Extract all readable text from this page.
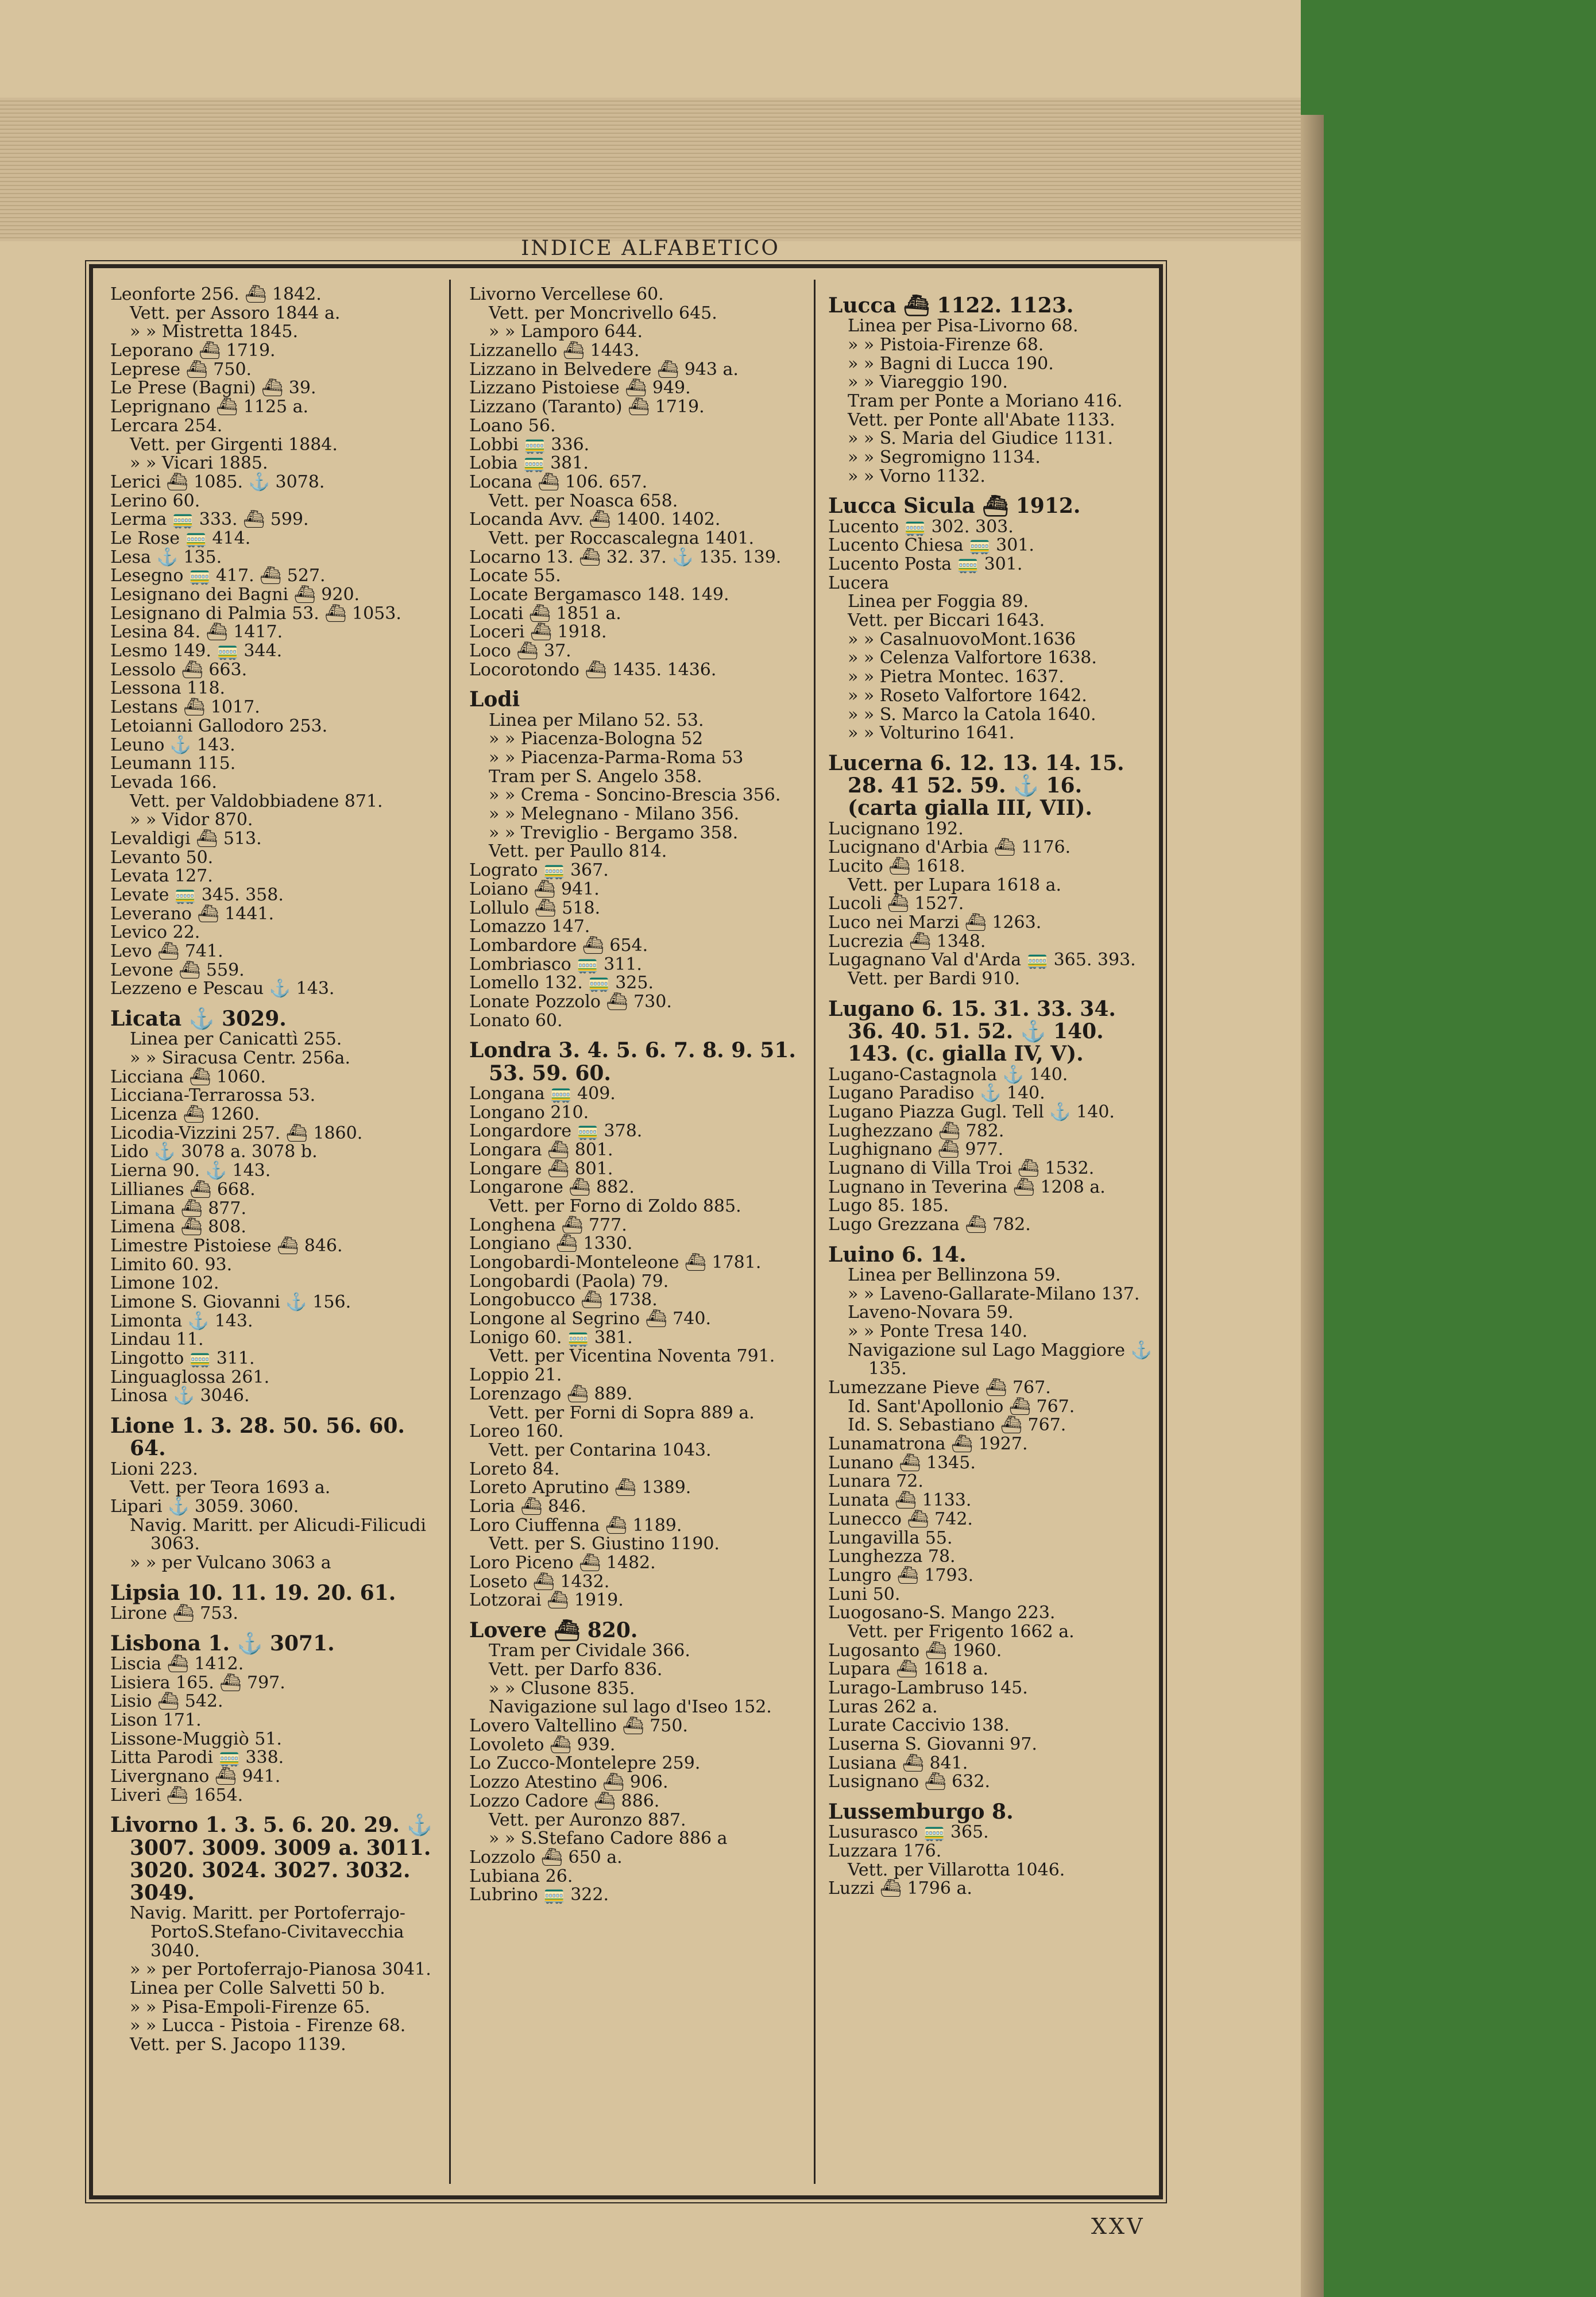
INDICE ALFABETICO
Leonforte 256. ⛴ 1842.
Vett. per Assoro 1844 a.
» » Mistretta 1845.
Leporano ⛴ 1719.
Leprese ⛴ 750.
Le Prese (Bagni) ⛴ 39.
Leprignano ⛴ 1125 a.
Lercara 254.
Vett. per Girgenti 1884.
» » Vicari 1885.
Lerici ⛴ 1085. ⚓ 3078.
Lerino 60.
Lerma 🚃 333. ⛴ 599.
Le Rose 🚃 414.
Lesa ⚓ 135.
Lesegno 🚃 417. ⛴ 527.
Lesignano dei Bagni ⛴ 920.
Lesignano di Palmia 53. ⛴ 1053.
Lesina 84. ⛴ 1417.
Lesmo 149. 🚃 344.
Lessolo ⛴ 663.
Lessona 118.
Lestans ⛴ 1017.
Letoianni Gallodoro 253.
Leuno ⚓ 143.
Leumann 115.
Levada 166.
Vett. per Valdobbiadene 871.
» » Vidor 870.
Levaldigi ⛴ 513.
Levanto 50.
Levata 127.
Levate 🚃 345. 358.
Leverano ⛴ 1441.
Levico 22.
Levo ⛴ 741.
Levone ⛴ 559.
Lezzeno e Pescau ⚓ 143.
Licata ⚓ 3029.
Linea per Canicattì 255.
» » Siracusa Centr. 256a.
Licciana ⛴ 1060.
Licciana-Terrarossa 53.
Licenza ⛴ 1260.
Licodia-Vizzini 257. ⛴ 1860.
Lido ⚓ 3078 a. 3078 b.
Lierna 90. ⚓ 143.
Lillianes ⛴ 668.
Limana ⛴ 877.
Limena ⛴ 808.
Limestre Pistoiese ⛴ 846.
Limito 60. 93.
Limone 102.
Limone S. Giovanni ⚓ 156.
Limonta ⚓ 143.
Lindau 11.
Lingotto 🚃 311.
Linguaglossa 261.
Linosa ⚓ 3046.
Lione 1. 3. 28. 50. 56. 60. 64.
Lioni 223.
Vett. per Teora 1693 a.
Lipari ⚓ 3059. 3060.
Navig. Maritt. per Alicudi-Filicudi 3063.
» » per Vulcano 3063 a
Lipsia 10. 11. 19. 20. 61.
Lirone ⛴ 753.
Lisbona 1. ⚓ 3071.
Liscia ⛴ 1412.
Lisiera 165. ⛴ 797.
Lisio ⛴ 542.
Lison 171.
Lissone-Muggiò 51.
Litta Parodi 🚃 338.
Livergnano ⛴ 941.
Liveri ⛴ 1654.
Livorno 1. 3. 5. 6. 20. 29. ⚓ 3007. 3009. 3009 a. 3011. 3020. 3024. 3027. 3032. 3049.
Navig. Maritt. per Portoferrajo-PortoS.Stefano-Civitavecchia 3040.
» » per Portoferrajo-Pianosa 3041.
Linea per Colle Salvetti 50 b.
» » Pisa-Empoli-Firenze 65.
» » Lucca - Pistoia - Firenze 68.
Vett. per S. Jacopo 1139.
Livorno Vercellese 60.
Vett. per Moncrivello 645.
» » Lamporo 644.
Lizzanello ⛴ 1443.
Lizzano in Belvedere ⛴ 943 a.
Lizzano Pistoiese ⛴ 949.
Lizzano (Taranto) ⛴ 1719.
Loano 56.
Lobbi 🚃 336.
Lobia 🚃 381.
Locana ⛴ 106. 657.
Vett. per Noasca 658.
Locanda Avv. ⛴ 1400. 1402.
Vett. per Roccascalegna 1401.
Locarno 13. ⛴ 32. 37. ⚓ 135. 139.
Locate 55.
Locate Bergamasco 148. 149.
Locati ⛴ 1851 a.
Loceri ⛴ 1918.
Loco ⛴ 37.
Locorotondo ⛴ 1435. 1436.
Lodi
Linea per Milano 52. 53.
» » Piacenza-Bologna 52
» » Piacenza-Parma-Roma 53
Tram per S. Angelo 358.
» » Crema - Soncino-Brescia 356.
» » Melegnano - Milano 356.
» » Treviglio - Bergamo 358.
Vett. per Paullo 814.
Lograto 🚃 367.
Loiano ⛴ 941.
Lollulo ⛴ 518.
Lomazzo 147.
Lombardore ⛴ 654.
Lombriasco 🚃 311.
Lomello 132. 🚃 325.
Lonate Pozzolo ⛴ 730.
Lonato 60.
Londra 3. 4. 5. 6. 7. 8. 9. 51. 53. 59. 60.
Longana 🚃 409.
Longano 210.
Longardore 🚃 378.
Longara ⛴ 801.
Longare ⛴ 801.
Longarone ⛴ 882.
Vett. per Forno di Zoldo 885.
Longhena ⛴ 777.
Longiano ⛴ 1330.
Longobardi-Monteleone ⛴ 1781.
Longobardi (Paola) 79.
Longobucco ⛴ 1738.
Longone al Segrino ⛴ 740.
Lonigo 60. 🚃 381.
Vett. per Vicentina Noventa 791.
Loppio 21.
Lorenzago ⛴ 889.
Vett. per Forni di Sopra 889 a.
Loreo 160.
Vett. per Contarina 1043.
Loreto 84.
Loreto Aprutino ⛴ 1389.
Loria ⛴ 846.
Loro Ciuffenna ⛴ 1189.
Vett. per S. Giustino 1190.
Loro Piceno ⛴ 1482.
Loseto ⛴ 1432.
Lotzorai ⛴ 1919.
Lovere ⛴ 820.
Tram per Cividale 366.
Vett. per Darfo 836.
» » Clusone 835.
Navigazione sul lago d'Iseo 152.
Lovero Valtellino ⛴ 750.
Lovoleto ⛴ 939.
Lo Zucco-Montelepre 259.
Lozzo Atestino ⛴ 906.
Lozzo Cadore ⛴ 886.
Vett. per Auronzo 887.
» » S.Stefano Cadore 886 a
Lozzolo ⛴ 650 a.
Lubiana 26.
Lubrino 🚃 322.
Lucca ⛴ 1122. 1123.
Linea per Pisa-Livorno 68.
» » Pistoia-Firenze 68.
» » Bagni di Lucca 190.
» » Viareggio 190.
Tram per Ponte a Moriano 416.
Vett. per Ponte all'Abate 1133.
» » S. Maria del Giudice 1131.
» » Segromigno 1134.
» » Vorno 1132.
Lucca Sicula ⛴ 1912.
Lucento 🚃 302. 303.
Lucento Chiesa 🚃 301.
Lucento Posta 🚃 301.
Lucera
Linea per Foggia 89.
Vett. per Biccari 1643.
» » CasalnuovoMont.1636
» » Celenza Valfortore 1638.
» » Pietra Montec. 1637.
» » Roseto Valfortore 1642.
» » S. Marco la Catola 1640.
» » Volturino 1641.
Lucerna 6. 12. 13. 14. 15. 28. 41 52. 59. ⚓ 16. (carta gialla III, VII).
Lucignano 192.
Lucignano d'Arbia ⛴ 1176.
Lucito ⛴ 1618.
Vett. per Lupara 1618 a.
Lucoli ⛴ 1527.
Luco nei Marzi ⛴ 1263.
Lucrezia ⛴ 1348.
Lugagnano Val d'Arda 🚃 365. 393.
Vett. per Bardi 910.
Lugano 6. 15. 31. 33. 34. 36. 40. 51. 52. ⚓ 140. 143. (c. gialla IV, V).
Lugano-Castagnola ⚓ 140.
Lugano Paradiso ⚓ 140.
Lugano Piazza Gugl. Tell ⚓ 140.
Lughezzano ⛴ 782.
Lughignano ⛴ 977.
Lugnano di Villa Troi ⛴ 1532.
Lugnano in Teverina ⛴ 1208 a.
Lugo 85. 185.
Lugo Grezzana ⛴ 782.
Luino 6. 14.
Linea per Bellinzona 59.
» » Laveno-Gallarate-Milano 137.
Laveno-Novara 59.
» » Ponte Tresa 140.
Navigazione sul Lago Maggiore ⚓ 135.
Lumezzane Pieve ⛴ 767.
Id. Sant'Apollonio ⛴ 767.
Id. S. Sebastiano ⛴ 767.
Lunamatrona ⛴ 1927.
Lunano ⛴ 1345.
Lunara 72.
Lunata ⛴ 1133.
Lunecco ⛴ 742.
Lungavilla 55.
Lunghezza 78.
Lungro ⛴ 1793.
Luni 50.
Luogosano-S. Mango 223.
Vett. per Frigento 1662 a.
Lugosanto ⛴ 1960.
Lupara ⛴ 1618 a.
Lurago-Lambruso 145.
Luras 262 a.
Lurate Caccivio 138.
Luserna S. Giovanni 97.
Lusiana ⛴ 841.
Lusignano ⛴ 632.
Lussemburgo 8.
Lusurasco 🚃 365.
Luzzara 176.
Vett. per Villarotta 1046.
Luzzi ⛴ 1796 a.
XXV
